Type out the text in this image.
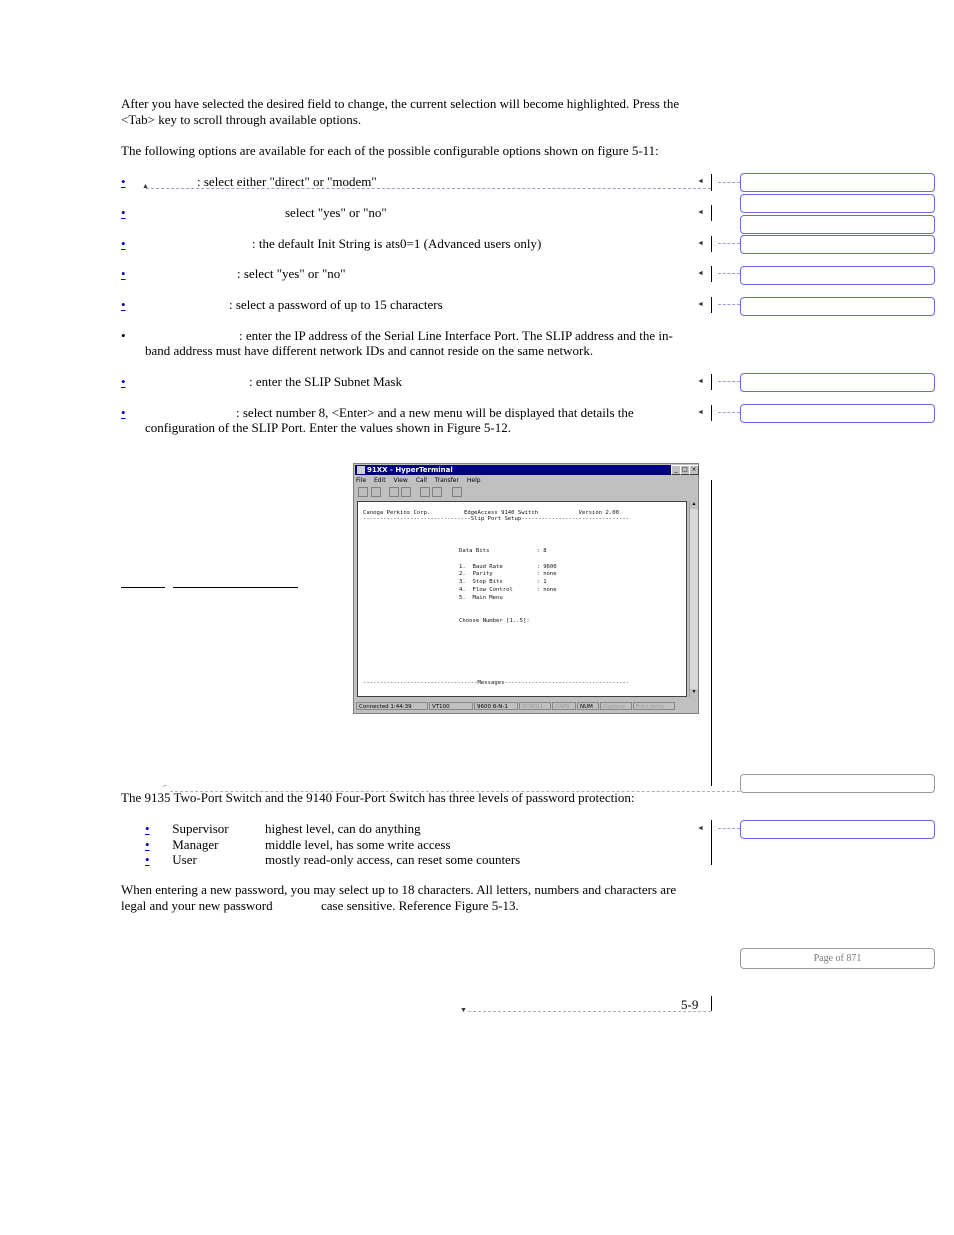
After you have selected the desired field to change, the current selection will become highlighted. Press the
<Tab> key to scroll through available options.
The following options are available for each of the possible configurable options shown on figure 5-11:
•	: select either "direct" or "modem"
•	select "yes" or "no"
•	: the default Init String is ats0=1 (Advanced users only)
•	: select "yes" or "no"
•	: select a password of up to 15 characters
•	: enter the IP address of the Serial Line Interface Port. The SLIP address and the in-
band address must have different network IDs and cannot reside on the same network.
•	: enter the SLIP Subnet Mask
•	: select number 8, <Enter> and a new menu will be displayed that details the
configuration of the SLIP Port. Enter the values shown in Figure 5-12.
91XX - HyperTerminal	_ □ ×
File Edit View Call Transfer Help
Canoga Perkins Corp.          EdgeAccess 9140 Switch            Version 2.00
--------------------------------Slip Port Setup--------------------------------
Data Bits              : 8
1.  Baud Rate          : 9600
2.  Parity             : none
3.  Stop Bits          : 1
4.  Flow Control       : none
5.  Main Menu
Choose Number [1..5]:
----------------------------------Messages-------------------------------------
▲
▼
Connected 1:44:39	VT100	9600 8-N-1	SCROLL	CAPS	NUM	Capture	Print echo
The 9135 Two-Port Switch and the 9140 Four-Port Switch has three levels of password protection:
• Supervisor	highest level, can do anything
• Manager	middle level, has some write access
• User	mostly read-only access, can reset some counters
When entering a new password, you may select up to 18 characters. All letters, numbers and characters are
legal and your new password	case sensitive. Reference Figure 5-13.
5-9
▼
◄
◄
◄
◄
◄
◄
◄
◄
▲
⌐
Page of 871
